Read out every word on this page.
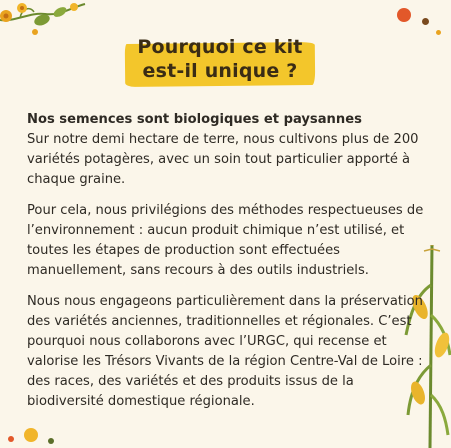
Pourquoi ce kit
est-il unique ?

Nos semences sont biologiques et paysannes
Sur notre demi hectare de terre, nous cultivons plus de 200 variétés potagères, avec un soin tout particulier apporté à chaque graine.

Pour cela, nous privilégions des méthodes respectueuses de l’environnement : aucun produit chimique n’est utilisé, et toutes les étapes de production sont effectuées manuellement, sans recours à des outils industriels.

Nous nous engageons particulièrement dans la préservation des variétés anciennes, traditionnelles et régionales. C’est pourquoi nous collaborons avec l’URGC, qui recense et valorise les Trésors Vivants de la région Centre-Val de Loire : des races, des variétés et des produits issus de la biodiversité domestique régionale.
